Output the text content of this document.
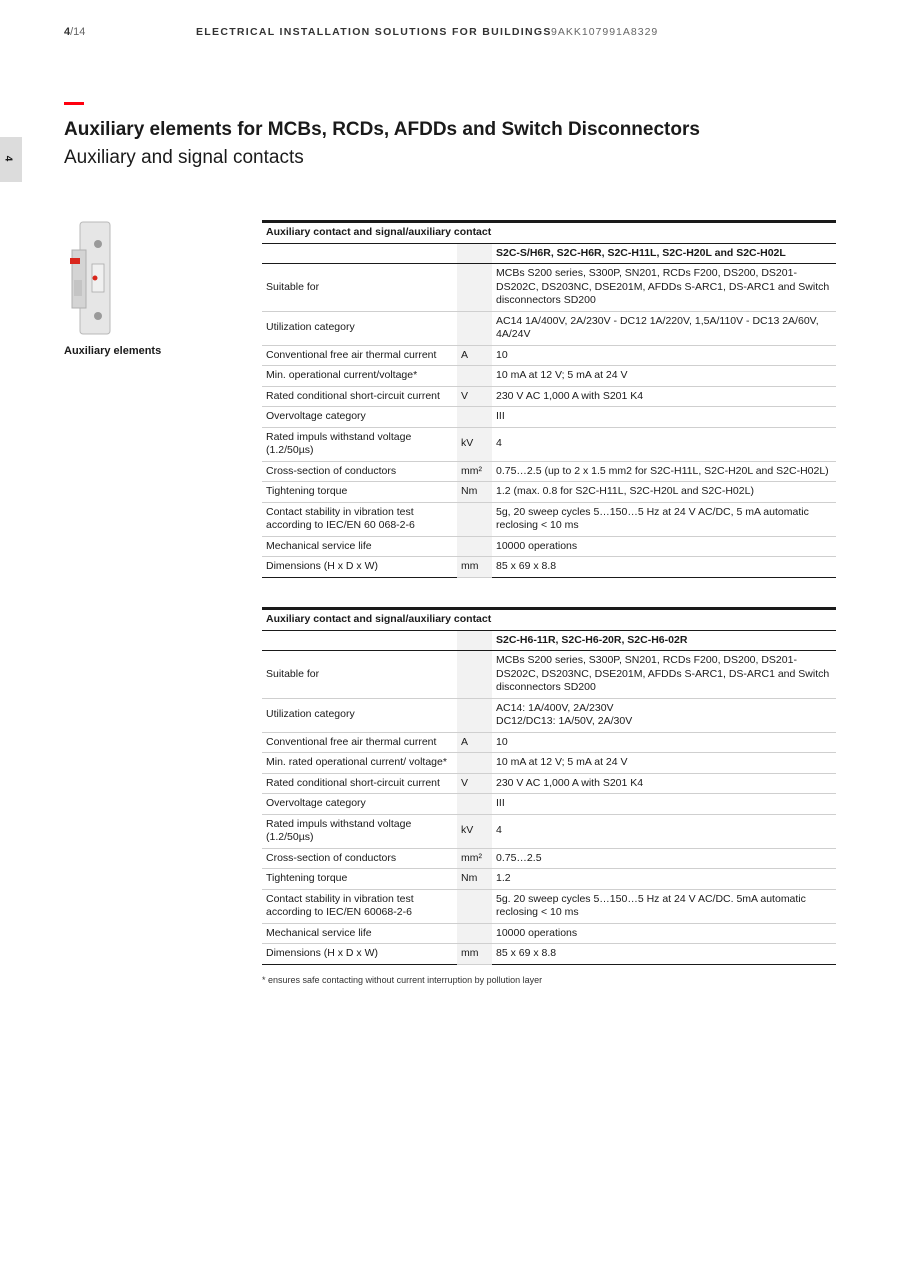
4/14	ELECTRICAL INSTALLATION SOLUTIONS FOR BUILDINGS 9AKK107991A8329
4
Auxiliary elements for MCBs, RCDs, AFDDs and Switch Disconnectors
Auxiliary and signal contacts
Auxiliary elements
Auxiliary contact and signal/auxiliary contact		
		S2C-S/H6R, S2C-H6R, S2C-H11L, S2C-H20L and S2C-H02L
Suitable for		MCBs S200 series, S300P, SN201, RCDs F200, DS200, DS201-DS202C, DS203NC, DSE201M, AFDDs S-ARC1, DS-ARC1 and Switch disconnectors SD200
Utilization category		AC14 1A/400V, 2A/230V - DC12 1A/220V, 1,5A/110V - DC13 2A/60V, 4A/24V
Conventional free air thermal current	A	10
Min. operational current/voltage*		10 mA at 12 V; 5 mA at 24 V
Rated conditional short-circuit current	V	230 V AC 1,000 A with S201 K4
Overvoltage category		III
Rated impuls withstand voltage (1.2/50µs)	kV	4
Cross-section of conductors	mm²	0.75…2.5 (up to 2 x 1.5 mm2 for S2C-H11L, S2C-H20L and S2C-H02L)
Tightening torque	Nm	1.2 (max. 0.8 for S2C-H11L, S2C-H20L and S2C-H02L)
Contact stability in vibration test according to IEC/EN 60 068-2-6		5g, 20 sweep cycles 5…150…5 Hz at 24 V AC/DC, 5 mA automatic reclosing < 10 ms
Mechanical service life		10000 operations
Dimensions (H x D x W)	mm	85 x 69 x 8.8
Auxiliary contact and signal/auxiliary contact		
		S2C-H6-11R, S2C-H6-20R, S2C-H6-02R
Suitable for		MCBs S200 series, S300P, SN201, RCDs F200, DS200, DS201-DS202C, DS203NC, DSE201M, AFDDs S-ARC1, DS-ARC1 and Switch disconnectors SD200
Utilization category		AC14: 1A/400V, 2A/230V
DC12/DC13: 1A/50V, 2A/30V
Conventional free air thermal current	A	10
Min. rated operational current/ voltage*		10 mA at 12 V; 5 mA at 24 V
Rated conditional short-circuit current	V	230 V AC 1,000 A with S201 K4
Overvoltage category		III
Rated impuls withstand voltage (1.2/50µs)	kV	4
Cross-section of conductors	mm²	0.75…2.5
Tightening torque	Nm	1.2
Contact stability in vibration test according to IEC/EN 60068-2-6		5g. 20 sweep cycles 5…150…5 Hz at 24 V AC/DC. 5mA automatic reclosing < 10 ms
Mechanical service life		10000 operations
Dimensions (H x D x W)	mm	85 x 69 x 8.8
* ensures safe contacting without current interruption by pollution layer
